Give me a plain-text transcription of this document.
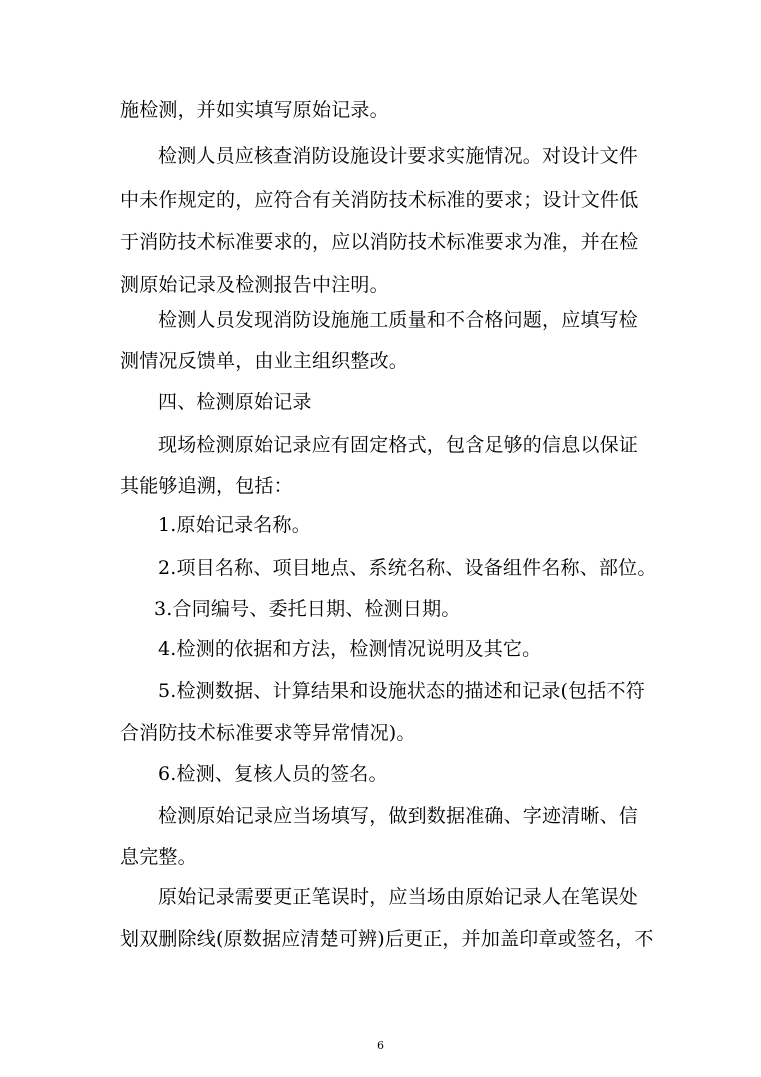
施检测，并如实填写原始记录。
检测人员应核查消防设施设计要求实施情况。对设计文件
中未作规定的，应符合有关消防技术标准的要求；设计文件低
于消防技术标准要求的，应以消防技术标准要求为准，并在检
测原始记录及检测报告中注明。
检测人员发现消防设施施工质量和不合格问题，应填写检
测情况反馈单，由业主组织整改。
四、检测原始记录
现场检测原始记录应有固定格式，包含足够的信息以保证
其能够追溯，包括：
1.原始记录名称。
2.项目名称、项目地点、系统名称、设备组件名称、部位。
3.合同编号、委托日期、检测日期。
4.检测的依据和方法，检测情况说明及其它。
5.检测数据、计算结果和设施状态的描述和记录(包括不符
合消防技术标准要求等异常情况)。
6.检测、复核人员的签名。
检测原始记录应当场填写，做到数据准确、字迹清晰、信
息完整。
原始记录需要更正笔误时，应当场由原始记录人在笔误处
划双删除线(原数据应清楚可辨)后更正，并加盖印章或签名，不
6
